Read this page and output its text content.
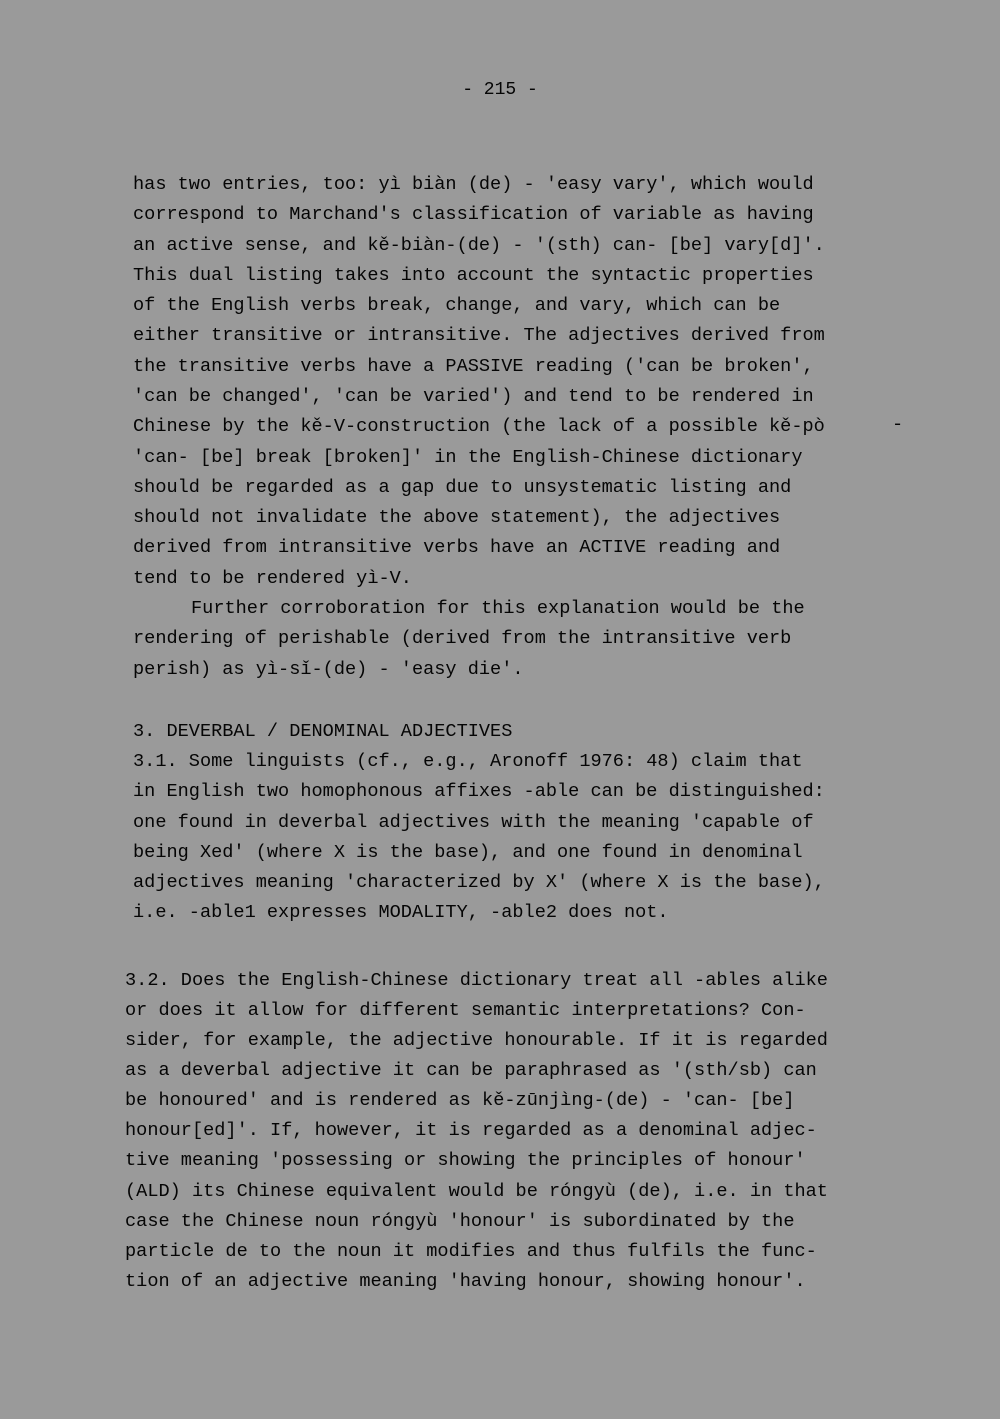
- 215 -
has two entries, too: yì biàn (de) - 'easy vary', which would
correspond to Marchand's classification of variable as having
an active sense, and kě-biàn-(de) - '(sth) can- [be] vary[d]'.
This dual listing takes into account the syntactic properties
of the English verbs break, change, and vary, which can be
either transitive or intransitive. The adjectives derived from
the transitive verbs have a PASSIVE reading ('can be broken',
'can be changed', 'can be varied') and tend to be rendered in
Chinese by the kě-V-construction (the lack of a possible kě-pò
'can- [be] break [broken]' in the English-Chinese dictionary
should be regarded as a gap due to unsystematic listing and
should not invalidate the above statement), the adjectives
derived from intransitive verbs have an ACTIVE reading and
tend to be rendered yì-V.
-
Further corroboration for this explanation would be the
rendering of perishable (derived from the intransitive verb
perish) as yì-sǐ-(de) - 'easy die'.
3. DEVERBAL / DENOMINAL ADJECTIVES
3.1. Some linguists (cf., e.g., Aronoff 1976: 48) claim that
in English two homophonous affixes -able can be distinguished:
one found in deverbal adjectives with the meaning 'capable of
being Xed' (where X is the base), and one found in denominal
adjectives meaning 'characterized by X' (where X is the base),
i.e. -able1 expresses MODALITY, -able2 does not.
3.2. Does the English-Chinese dictionary treat all -ables alike
or does it allow for different semantic interpretations? Con-
sider, for example, the adjective honourable. If it is regarded
as a deverbal adjective it can be paraphrased as '(sth/sb) can
be honoured' and is rendered as kě-zūnjìng-(de) - 'can- [be]
honour[ed]'. If, however, it is regarded as a denominal adjec-
tive meaning 'possessing or showing the principles of honour'
(ALD) its Chinese equivalent would be róngyù (de), i.e. in that
case the Chinese noun róngyù 'honour' is subordinated by the
particle de to the noun it modifies and thus fulfils the func-
tion of an adjective meaning 'having honour, showing honour'.
